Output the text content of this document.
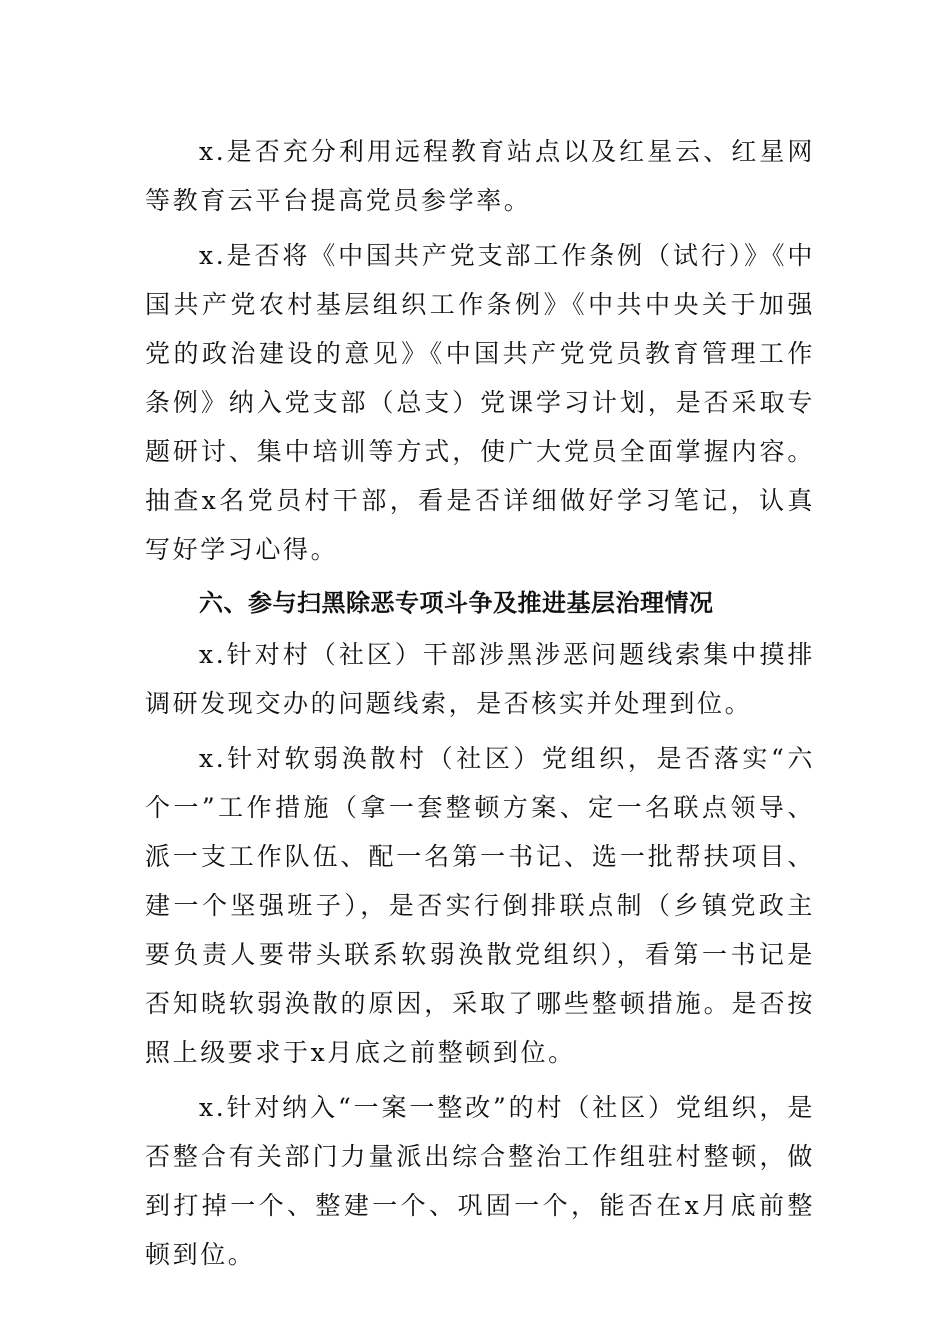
x.是否充分利用远程教育站点以及红星云、红星网等教育云平台提高党员参学率。

x.是否将《中国共产党支部工作条例（试行）》《中国共产党农村基层组织工作条例》《中共中央关于加强党的政治建设的意见》《中国共产党党员教育管理工作条例》纳入党支部（总支）党课学习计划，是否采取专题研讨、集中培训等方式，使广大党员全面掌握内容。抽查x名党员村干部，看是否详细做好学习笔记，认真写好学习心得。

六、参与扫黑除恶专项斗争及推进基层治理情况

x.针对村（社区）干部涉黑涉恶问题线索集中摸排调研发现交办的问题线索，是否核实并处理到位。

x.针对软弱涣散村（社区）党组织，是否落实“六个一”工作措施（拿一套整顿方案、定一名联点领导、派一支工作队伍、配一名第一书记、选一批帮扶项目、建一个坚强班子），是否实行倒排联点制（乡镇党政主要负责人要带头联系软弱涣散党组织），看第一书记是否知晓软弱涣散的原因，采取了哪些整顿措施。是否按照上级要求于x月底之前整顿到位。

x.针对纳入“一案一整改”的村（社区）党组织，是否整合有关部门力量派出综合整治工作组驻村整顿，做到打掉一个、整建一个、巩固一个，能否在x月底前整顿到位。
